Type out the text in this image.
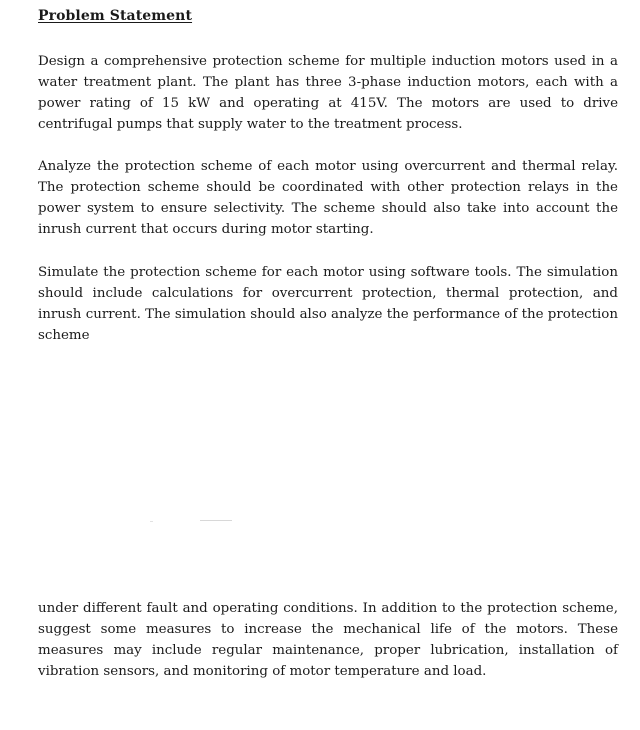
Problem Statement

Design a comprehensive protection scheme for multiple induction motors used in a water treatment plant. The plant has three 3-phase induction motors, each with a power rating of 15 kW and operating at 415V. The motors are used to drive centrifugal pumps that supply water to the treatment process.

Analyze the protection scheme of each motor using overcurrent and thermal relay. The protection scheme should be coordinated with other protection relays in the power system to ensure selectivity. The scheme should also take into account the inrush current that occurs during motor starting.

Simulate the protection scheme for each motor using software tools. The simulation should include calculations for overcurrent protection, thermal protection, and inrush current. The simulation should also analyze the performance of the protection scheme

under different fault and operating conditions. In addition to the protection scheme, suggest some measures to increase the mechanical life of the motors. These measures may include regular maintenance, proper lubrication, installation of vibration sensors, and monitoring of motor temperature and load.
